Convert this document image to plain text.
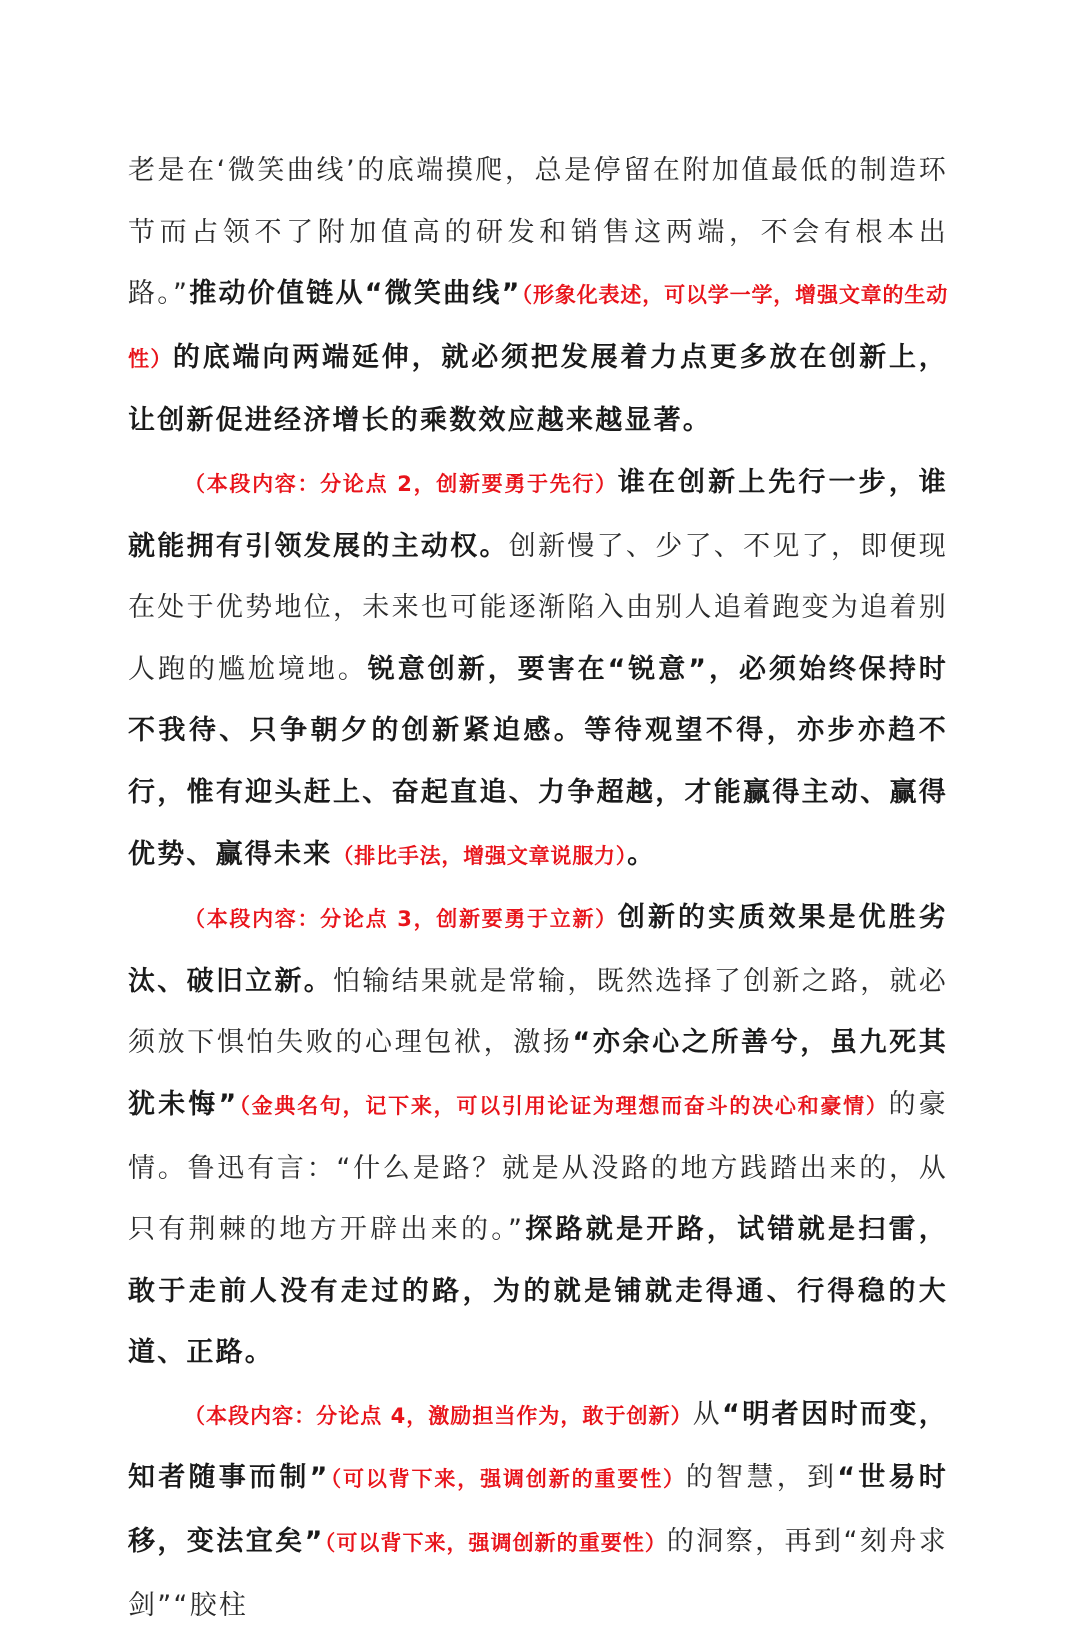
老是在‘微笑曲线’的底端摸爬，总是停留在附加值最低的制造环节而占领不了附加值高的研发和销售这两端，不会有根本出路。”推动价值链从“微笑曲线”（形象化表述，可以学一学，增强文章的生动性）的底端向两端延伸，就必须把发展着力点更多放在创新上，让创新促进经济增长的乘数效应越来越显著。

（本段内容：分论点 2，创新要勇于先行）谁在创新上先行一步，谁就能拥有引领发展的主动权。创新慢了、少了、不见了，即便现在处于优势地位，未来也可能逐渐陷入由别人追着跑变为追着别人跑的尴尬境地。锐意创新，要害在“锐意”，必须始终保持时不我待、只争朝夕的创新紧迫感。等待观望不得，亦步亦趋不行，惟有迎头赶上、奋起直追、力争超越，才能赢得主动、赢得优势、赢得未来（排比手法，增强文章说服力）。

（本段内容：分论点 3，创新要勇于立新）创新的实质效果是优胜劣汰、破旧立新。怕输结果就是常输，既然选择了创新之路，就必须放下惧怕失败的心理包袱，激扬“亦余心之所善兮，虽九死其犹未悔”（金典名句，记下来，可以引用论证为理想而奋斗的决心和豪情）的豪情。鲁迅有言：“什么是路？就是从没路的地方践踏出来的，从只有荆棘的地方开辟出来的。”探路就是开路，试错就是扫雷，敢于走前人没有走过的路，为的就是铺就走得通、行得稳的大道、正路。

（本段内容：分论点 4，激励担当作为，敢于创新）从“明者因时而变，知者随事而制”（可以背下来，强调创新的重要性）的智慧，到“世易时移，变法宜矣”（可以背下来，强调创新的重要性）的洞察，再到“刻舟求剑”“胶柱
